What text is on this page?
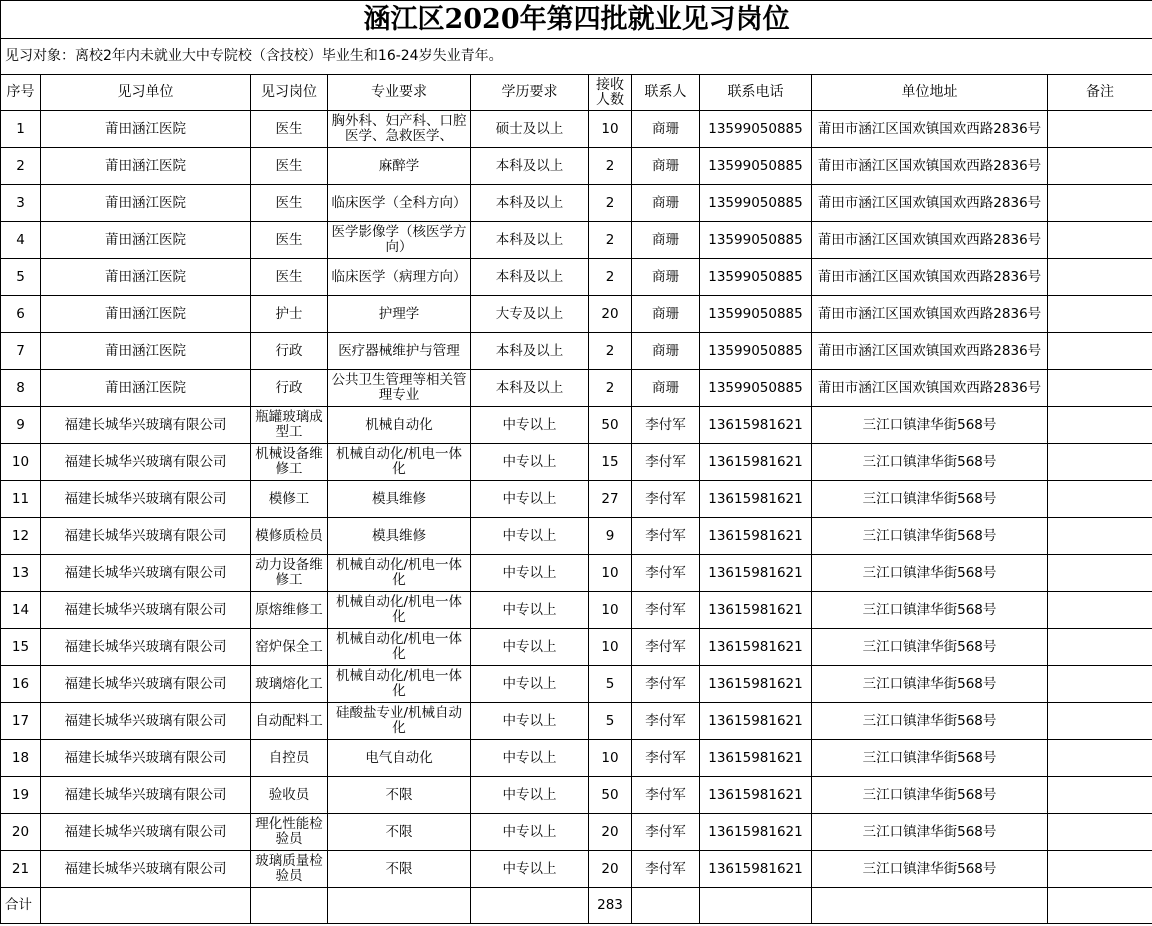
涵江区2020年第四批就业见习岗位									
见习对象：离校2年内未就业大中专院校（含技校）毕业生和16-24岁失业青年。									
序号	见习单位	见习岗位	专业要求	学历要求	接收人数	联系人	联系电话	单位地址	备注
1	莆田涵江医院	医生	胸外科、妇产科、口腔医学、急救医学、	硕士及以上	10	商珊	13599050885	莆田市涵江区国欢镇国欢西路2836号	
2	莆田涵江医院	医生	麻醉学	本科及以上	2	商珊	13599050885	莆田市涵江区国欢镇国欢西路2836号	
3	莆田涵江医院	医生	临床医学（全科方向）	本科及以上	2	商珊	13599050885	莆田市涵江区国欢镇国欢西路2836号	
4	莆田涵江医院	医生	医学影像学（核医学方向）	本科及以上	2	商珊	13599050885	莆田市涵江区国欢镇国欢西路2836号	
5	莆田涵江医院	医生	临床医学（病理方向）	本科及以上	2	商珊	13599050885	莆田市涵江区国欢镇国欢西路2836号	
6	莆田涵江医院	护士	护理学	大专及以上	20	商珊	13599050885	莆田市涵江区国欢镇国欢西路2836号	
7	莆田涵江医院	行政	医疗器械维护与管理	本科及以上	2	商珊	13599050885	莆田市涵江区国欢镇国欢西路2836号	
8	莆田涵江医院	行政	公共卫生管理等相关管理专业	本科及以上	2	商珊	13599050885	莆田市涵江区国欢镇国欢西路2836号	
9	福建长城华兴玻璃有限公司	瓶罐玻璃成型工	机械自动化	中专以上	50	李付军	13615981621	三江口镇津华街568号	
10	福建长城华兴玻璃有限公司	机械设备维修工	机械自动化/机电一体化	中专以上	15	李付军	13615981621	三江口镇津华街568号	
11	福建长城华兴玻璃有限公司	模修工	模具维修	中专以上	27	李付军	13615981621	三江口镇津华街568号	
12	福建长城华兴玻璃有限公司	模修质检员	模具维修	中专以上	9	李付军	13615981621	三江口镇津华街568号	
13	福建长城华兴玻璃有限公司	动力设备维修工	机械自动化/机电一体化	中专以上	10	李付军	13615981621	三江口镇津华街568号	
14	福建长城华兴玻璃有限公司	原熔维修工	机械自动化/机电一体化	中专以上	10	李付军	13615981621	三江口镇津华街568号	
15	福建长城华兴玻璃有限公司	窑炉保全工	机械自动化/机电一体化	中专以上	10	李付军	13615981621	三江口镇津华街568号	
16	福建长城华兴玻璃有限公司	玻璃熔化工	机械自动化/机电一体化	中专以上	5	李付军	13615981621	三江口镇津华街568号	
17	福建长城华兴玻璃有限公司	自动配料工	硅酸盐专业/机械自动化	中专以上	5	李付军	13615981621	三江口镇津华街568号	
18	福建长城华兴玻璃有限公司	自控员	电气自动化	中专以上	10	李付军	13615981621	三江口镇津华街568号	
19	福建长城华兴玻璃有限公司	验收员	不限	中专以上	50	李付军	13615981621	三江口镇津华街568号	
20	福建长城华兴玻璃有限公司	理化性能检验员	不限	中专以上	20	李付军	13615981621	三江口镇津华街568号	
21	福建长城华兴玻璃有限公司	玻璃质量检验员	不限	中专以上	20	李付军	13615981621	三江口镇津华街568号	
合计					283				
